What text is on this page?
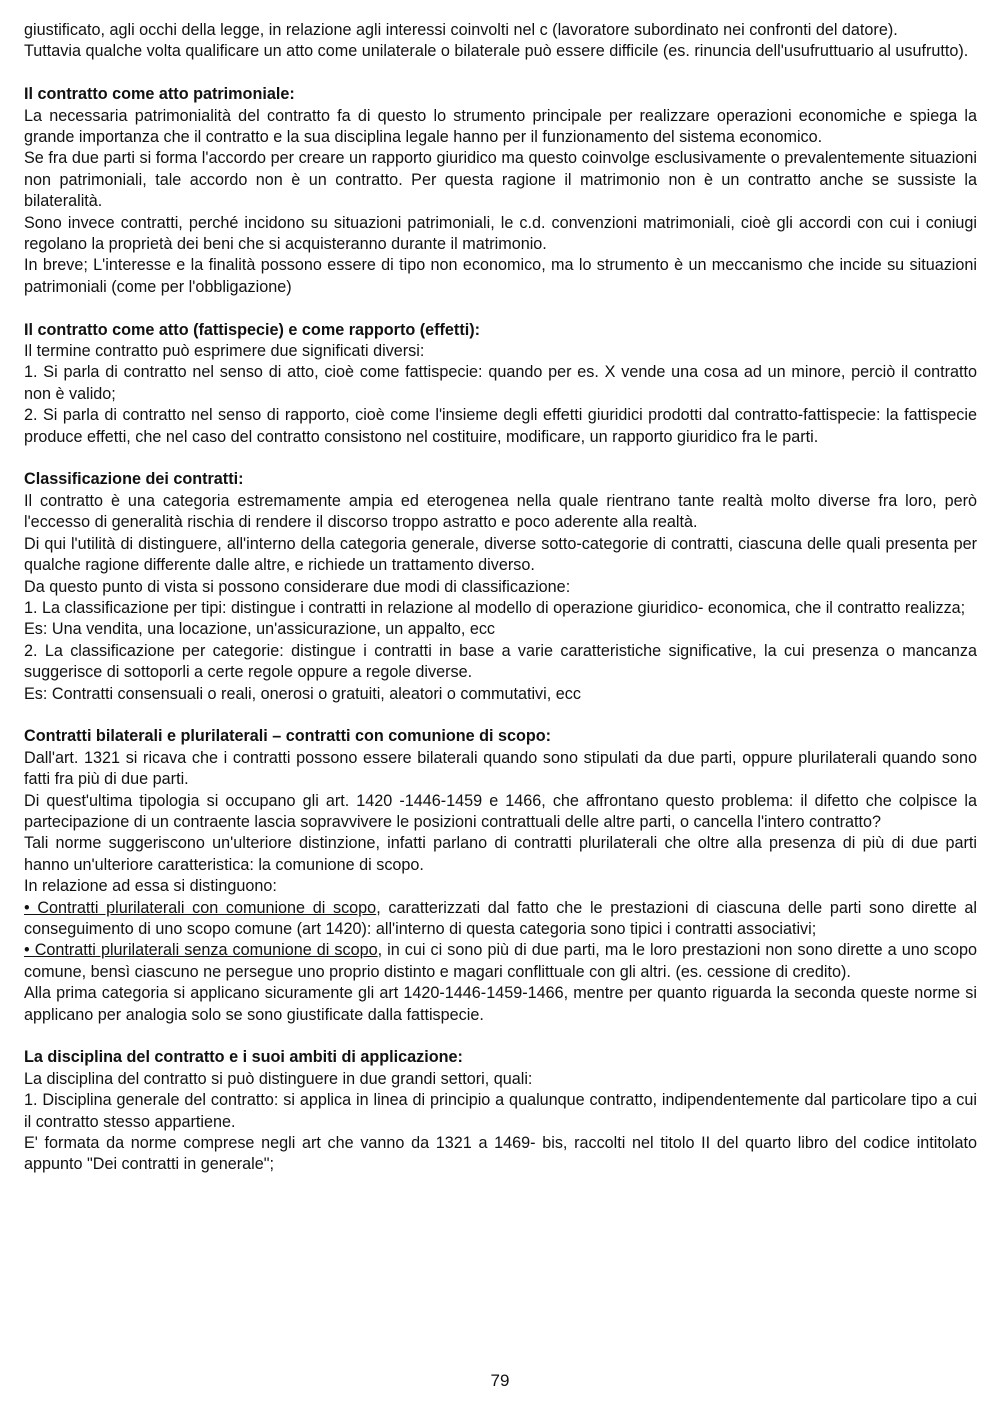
giustificato, agli occhi della legge, in relazione agli interessi coinvolti nel c (lavoratore subordinato nei confronti del datore).

Tuttavia qualche volta qualificare un atto come unilaterale o bilaterale può essere difficile (es. rinuncia dell'usufruttuario al usufrutto).

Il contratto come atto patrimoniale:

La necessaria patrimonialità del contratto fa di questo lo strumento principale per realizzare operazioni economiche e spiega la grande importanza che il contratto e la sua disciplina legale hanno per il funzionamento del sistema economico.

Se fra due parti si forma l'accordo per creare un rapporto giuridico ma questo coinvolge esclusivamente o prevalentemente situazioni non patrimoniali, tale accordo non è un contratto. Per questa ragione il matrimonio non è un contratto anche se sussiste la bilateralità.

Sono invece contratti, perché incidono su situazioni patrimoniali, le c.d. convenzioni matrimoniali, cioè gli accordi con cui i coniugi regolano la proprietà dei beni che si acquisteranno durante il matrimonio.

In breve; L'interesse e la finalità possono essere di tipo non economico, ma lo strumento è un meccanismo che incide su situazioni patrimoniali (come per l'obbligazione)

Il contratto come atto (fattispecie) e come rapporto (effetti):

Il termine contratto può esprimere due significati diversi:

1. Si parla di contratto nel senso di atto, cioè come fattispecie: quando per es. X vende una cosa ad un minore, perciò il contratto non è valido;

2. Si parla di contratto nel senso di rapporto, cioè come l'insieme degli effetti giuridici prodotti dal contratto-fattispecie: la fattispecie produce effetti, che nel caso del contratto consistono nel costituire, modificare, un rapporto giuridico fra le parti.

Classificazione dei contratti:

Il contratto è una categoria estremamente ampia ed eterogenea nella quale rientrano tante realtà molto diverse fra loro, però l'eccesso di generalità rischia di rendere il discorso troppo astratto e poco aderente alla realtà.

Di qui l'utilità di distinguere, all'interno della categoria generale, diverse sotto-categorie di contratti, ciascuna delle quali presenta per qualche ragione differente dalle altre, e richiede un trattamento diverso.

Da questo punto di vista si possono considerare due modi di classificazione:

1. La classificazione per tipi: distingue i contratti in relazione al modello di operazione giuridico- economica, che il contratto realizza;

Es: Una vendita, una locazione, un'assicurazione, un appalto, ecc

2. La classificazione per categorie: distingue i contratti in base a varie caratteristiche significative, la cui presenza o mancanza suggerisce di sottoporli a certe regole oppure a regole diverse.

Es: Contratti consensuali o reali, onerosi o gratuiti, aleatori o commutativi, ecc

Contratti bilaterali e plurilaterali – contratti con comunione di scopo:

Dall'art. 1321 si ricava che i contratti possono essere bilaterali quando sono stipulati da due parti, oppure plurilaterali quando sono fatti fra più di due parti.

Di quest'ultima tipologia si occupano gli art. 1420 -1446-1459 e 1466, che affrontano questo problema: il difetto che colpisce la partecipazione di un contraente lascia sopravvivere le posizioni contrattuali delle altre parti, o cancella l'intero contratto?

Tali norme suggeriscono un'ulteriore distinzione, infatti parlano di contratti plurilaterali che oltre alla presenza di più di due parti hanno un'ulteriore caratteristica: la comunione di scopo.

In relazione ad essa si distinguono:

• Contratti plurilaterali con comunione di scopo, caratterizzati dal fatto che le prestazioni di ciascuna delle parti sono dirette al conseguimento di uno scopo comune (art 1420): all'interno di questa categoria sono tipici i contratti associativi;

• Contratti plurilaterali senza comunione di scopo, in cui ci sono più di due parti, ma le loro prestazioni non sono dirette a uno scopo comune, bensì ciascuno ne persegue uno proprio distinto e magari conflittuale con gli altri. (es. cessione di credito).

Alla prima categoria si applicano sicuramente gli art 1420-1446-1459-1466, mentre per quanto riguarda la seconda queste norme si applicano per analogia solo se sono giustificate dalla fattispecie.

La disciplina del contratto e i suoi ambiti di applicazione:

La disciplina del contratto si può distinguere in due grandi settori, quali:

1. Disciplina generale del contratto: si applica in linea di principio a qualunque contratto, indipendentemente dal particolare tipo a cui il contratto stesso appartiene.

E' formata da norme comprese negli art che vanno da 1321 a 1469- bis, raccolti nel titolo II del quarto libro del codice intitolato appunto "Dei contratti in generale";

79
